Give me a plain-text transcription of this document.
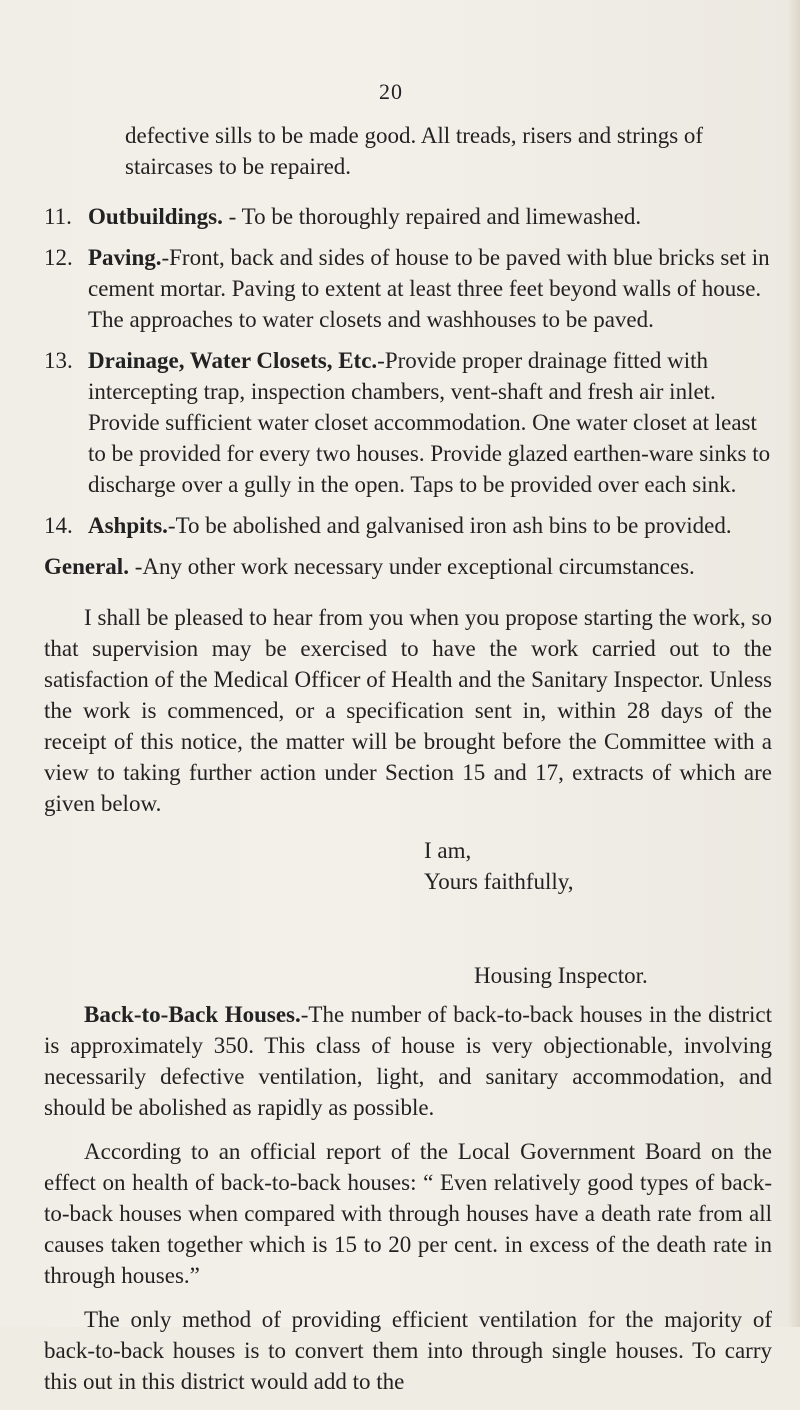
20

defective sills to be made good. All treads, risers and strings of staircases to be repaired.

11. Outbuildings. - To be thoroughly repaired and limewashed.
12. Paving.-Front, back and sides of house to be paved with blue bricks set in cement mortar. Paving to extent at least three feet beyond walls of house. The approaches to water closets and washhouses to be paved.
13. Drainage, Water Closets, Etc.-Provide proper drainage fitted with intercepting trap, inspection chambers, vent-shaft and fresh air inlet. Provide sufficient water closet accommodation. One water closet at least to be provided for every two houses. Provide glazed earthen-ware sinks to discharge over a gully in the open. Taps to be provided over each sink.
14. Ashpits.-To be abolished and galvanised iron ash bins to be provided.

General. -Any other work necessary under exceptional circumstances.

I shall be pleased to hear from you when you propose starting the work, so that supervision may be exercised to have the work carried out to the satisfaction of the Medical Officer of Health and the Sanitary Inspector. Unless the work is commenced, or a specification sent in, within 28 days of the receipt of this notice, the matter will be brought before the Committee with a view to taking further action under Section 15 and 17, extracts of which are given below.

I am,

Yours faithfully,

Housing Inspector.

Back-to-Back Houses.-The number of back-to-back houses in the district is approximately 350. This class of house is very objectionable, involving necessarily defective ventilation, light, and sanitary accommodation, and should be abolished as rapidly as possible.

According to an official report of the Local Government Board on the effect on health of back-to-back houses: “ Even relatively good types of back-to-back houses when compared with through houses have a death rate from all causes taken together which is 15 to 20 per cent. in excess of the death rate in through houses.”

The only method of providing efficient ventilation for the majority of back-to-back houses is to convert them into through single houses. To carry this out in this district would add to the
